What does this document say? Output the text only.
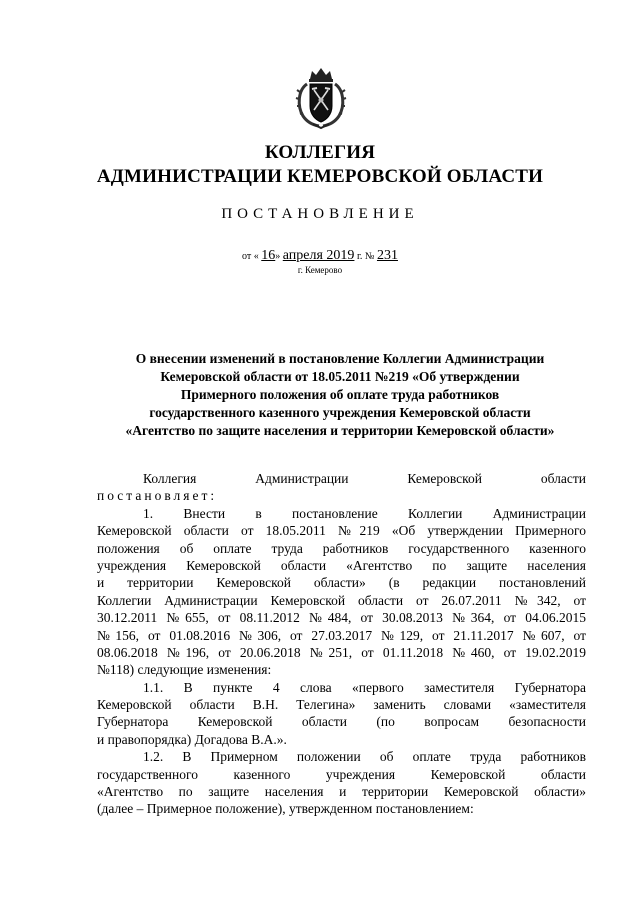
КОЛЛЕГИЯ
АДМИНИСТРАЦИИ КЕМЕРОВСКОЙ ОБЛАСТИ
ПОСТАНОВЛЕНИЕ
от « 16» апреля 2019 г. № 231
г. Кемерово
О внесении изменений в постановление Коллегии Администрации
Кемеровской области от 18.05.2011 №219 «Об утверждении
Примерного положения об оплате труда работников
государственного казенного учреждения Кемеровской области
«Агентство по защите населения и территории Кемеровской области»
Коллегия Администрации Кемеровской области
постановляет:
1. Внести в постановление Коллегии Администрации
Кемеровской области от 18.05.2011 №219 «Об утверждении Примерного
положения об оплате труда работников государственного казенного
учреждения Кемеровской области «Агентство по защите населения
и территории Кемеровской области» (в редакции постановлений
Коллегии Администрации Кемеровской области от 26.07.2011 №342, от
30.12.2011 №655, от 08.11.2012 №484, от 30.08.2013 №364, от 04.06.2015
№156, от 01.08.2016 №306, от 27.03.2017 №129, от 21.11.2017 №607, от
08.06.2018 №196, от 20.06.2018 №251, от 01.11.2018 №460, от 19.02.2019
№118) следующие изменения:
1.1. В пункте 4 слова «первого заместителя Губернатора
Кемеровской области В.Н. Телегина» заменить словами «заместителя
Губернатора Кемеровской области (по вопросам безопасности
и правопорядка) Догадова В.А.».
1.2. В Примерном положении об оплате труда работников
государственного казенного учреждения Кемеровской области
«Агентство по защите населения и территории Кемеровской области»
(далее – Примерное положение), утвержденном постановлением:
